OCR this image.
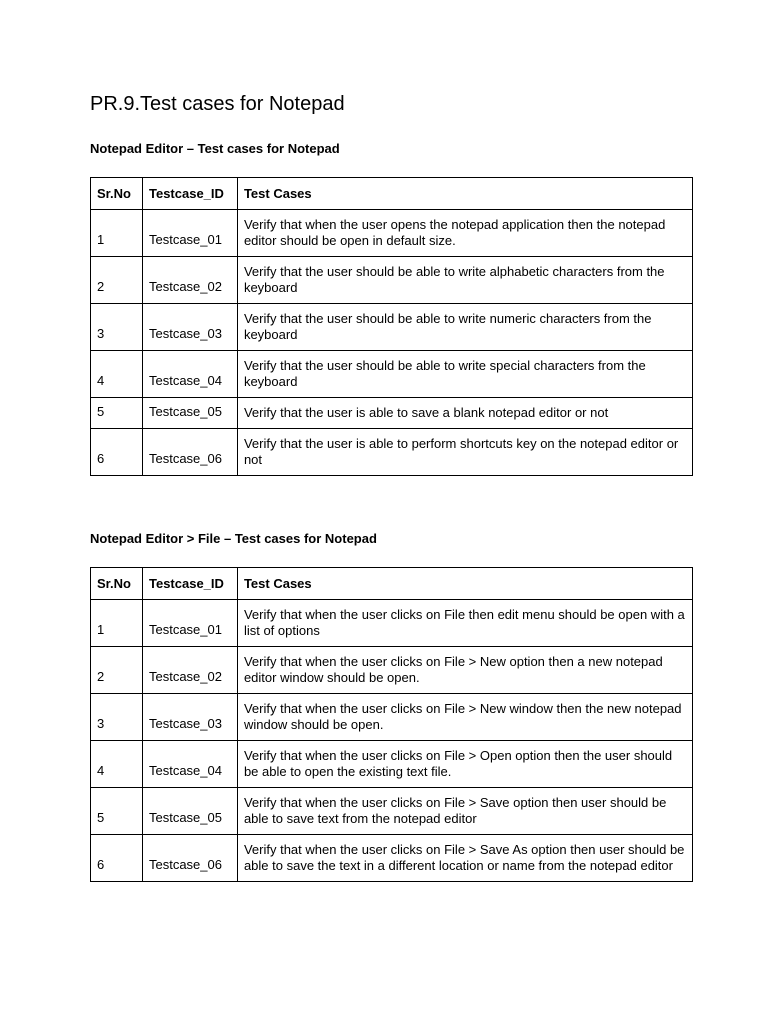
PR.9.Test cases for Notepad
Notepad Editor – Test cases for Notepad
Sr.No	Testcase_ID	Test Cases
1	Testcase_01	Verify that when the user opens the notepad application then the notepad editor should be open in default size.
2	Testcase_02	Verify that the user should be able to write alphabetic characters from the keyboard
3	Testcase_03	Verify that the user should be able to write numeric characters from the keyboard
4	Testcase_04	Verify that the user should be able to write special characters from the keyboard
5	Testcase_05	Verify that the user is able to save a blank notepad editor or not
6	Testcase_06	Verify that the user is able to perform shortcuts key on the notepad editor or not
Notepad Editor > File – Test cases for Notepad
Sr.No	Testcase_ID	Test Cases
1	Testcase_01	Verify that when the user clicks on File then edit menu should be open with a list of options
2	Testcase_02	Verify that when the user clicks on File > New option then a new notepad editor window should be open.
3	Testcase_03	Verify that when the user clicks on File > New window then the new notepad window should be open.
4	Testcase_04	Verify that when the user clicks on File > Open option then the user should be able to open the existing text file.
5	Testcase_05	Verify that when the user clicks on File > Save option then user should be able to save text from the notepad editor
6	Testcase_06	Verify that when the user clicks on File > Save As option then user should be able to save the text in a different location or name from the notepad editor
